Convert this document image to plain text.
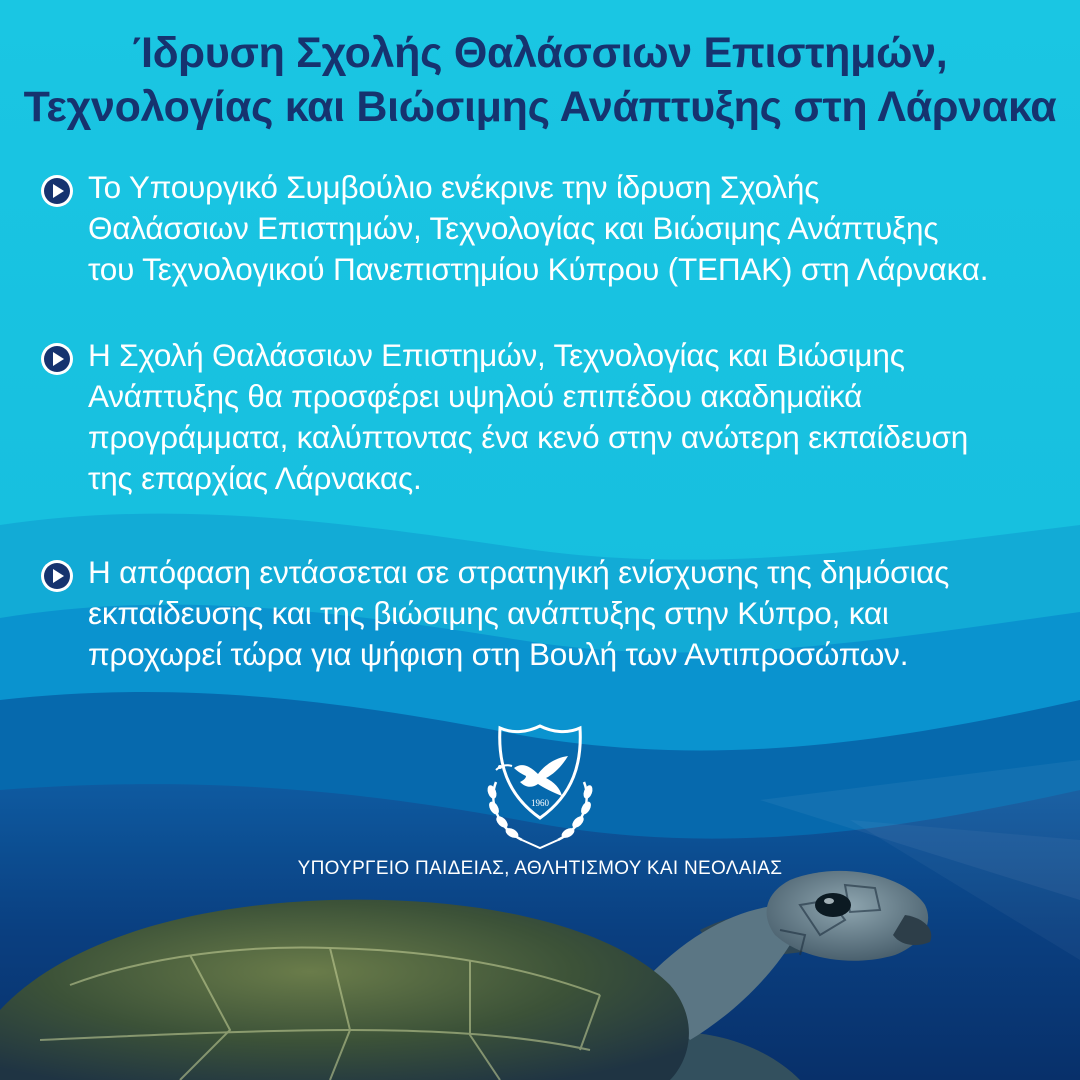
Ίδρυση Σχολής Θαλάσσιων Επιστημών,
Τεχνολογίας και Βιώσιμης Ανάπτυξης στη Λάρνακα
Το Υπουργικό Συμβούλιο ενέκρινε την ίδρυση Σχολής
Θαλάσσιων Επιστημών, Τεχνολογίας και Βιώσιμης Ανάπτυξης
του Τεχνολογικού Πανεπιστημίου Κύπρου (ΤΕΠΑΚ) στη Λάρνακα.
Η Σχολή Θαλάσσιων Επιστημών, Τεχνολογίας και Βιώσιμης
Ανάπτυξης θα προσφέρει υψηλού επιπέδου ακαδημαϊκά
προγράμματα, καλύπτοντας ένα κενό στην ανώτερη εκπαίδευση
της επαρχίας Λάρνακας.
Η απόφαση εντάσσεται σε στρατηγική ενίσχυσης της δημόσιας
εκπαίδευσης και της βιώσιμης ανάπτυξης στην Κύπρο, και
προχωρεί τώρα για ψήφιση στη Βουλή των Αντιπροσώπων.
1960
ΥΠΟΥΡΓΕΙΟ ΠΑΙΔΕΙΑΣ, ΑΘΛΗΤΙΣΜΟΥ ΚΑΙ ΝΕΟΛΑΙΑΣ
